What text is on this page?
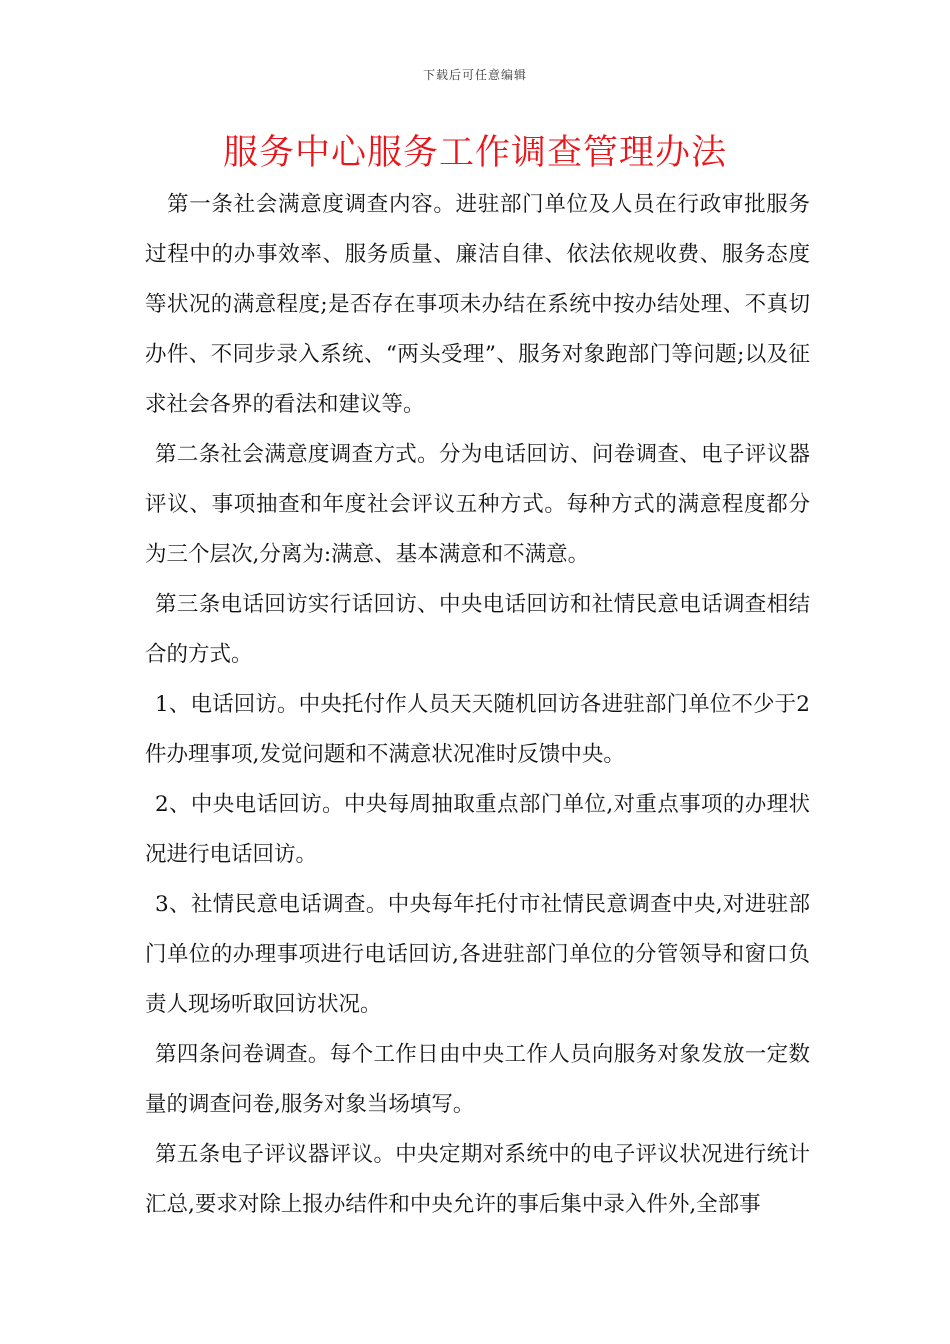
下载后可任意编辑
服务中心服务工作调查管理办法

第一条社会满意度调查内容。进驻部门单位及人员在行政审批服务过程中的办事效率、服务质量、廉洁自律、依法依规收费、服务态度等状况的满意程度;是否存在事项未办结在系统中按办结处理、不真切办件、不同步录入系统、“两头受理”、服务对象跑部门等问题;以及征求社会各界的看法和建议等。

第二条社会满意度调查方式。分为电话回访、问卷调查、电子评议器评议、事项抽查和年度社会评议五种方式。每种方式的满意程度都分为三个层次,分离为:满意、基本满意和不满意。

第三条电话回访实行话回访、中央电话回访和社情民意电话调查相结合的方式。

1、电话回访。中央托付作人员天天随机回访各进驻部门单位不少于2件办理事项,发觉问题和不满意状况准时反馈中央。

2、中央电话回访。中央每周抽取重点部门单位,对重点事项的办理状况进行电话回访。

3、社情民意电话调查。中央每年托付市社情民意调查中央,对进驻部门单位的办理事项进行电话回访,各进驻部门单位的分管领导和窗口负责人现场听取回访状况。

第四条问卷调查。每个工作日由中央工作人员向服务对象发放一定数量的调查问卷,服务对象当场填写。

第五条电子评议器评议。中央定期对系统中的电子评议状况进行统计汇总,要求对除上报办结件和中央允许的事后集中录入件外,全部事
